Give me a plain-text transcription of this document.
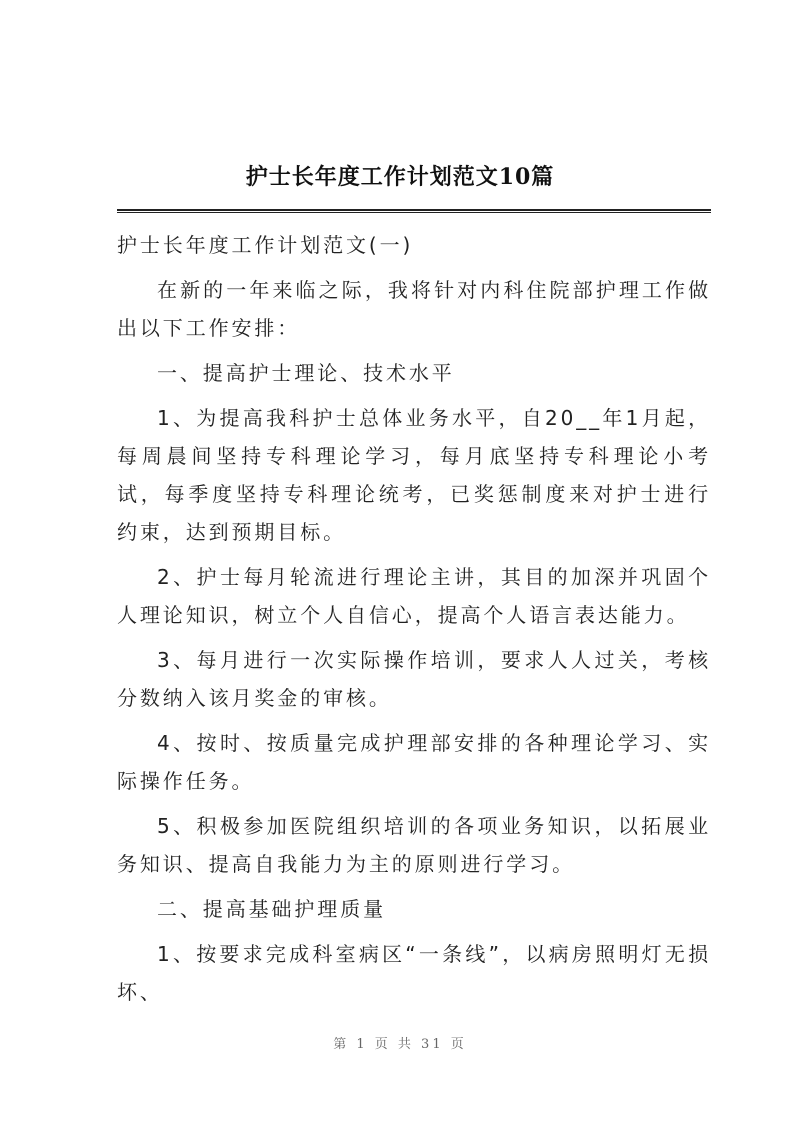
护士长年度工作计划范文10篇

护士长年度工作计划范文(一)

在新的一年来临之际，我将针对内科住院部护理工作做出以下工作安排：

一、提高护士理论、技术水平

1、为提高我科护士总体业务水平，自20__年1月起，每周晨间坚持专科理论学习，每月底坚持专科理论小考试，每季度坚持专科理论统考，已奖惩制度来对护士进行约束，达到预期目标。

2、护士每月轮流进行理论主讲，其目的加深并巩固个人理论知识，树立个人自信心，提高个人语言表达能力。

3、每月进行一次实际操作培训，要求人人过关，考核分数纳入该月奖金的审核。

4、按时、按质量完成护理部安排的各种理论学习、实际操作任务。

5、积极参加医院组织培训的各项业务知识，以拓展业务知识、提高自我能力为主的原则进行学习。

二、提高基础护理质量

1、按要求完成科室病区“一条线”，以病房照明灯无损坏、

第 1 页 共 31 页
